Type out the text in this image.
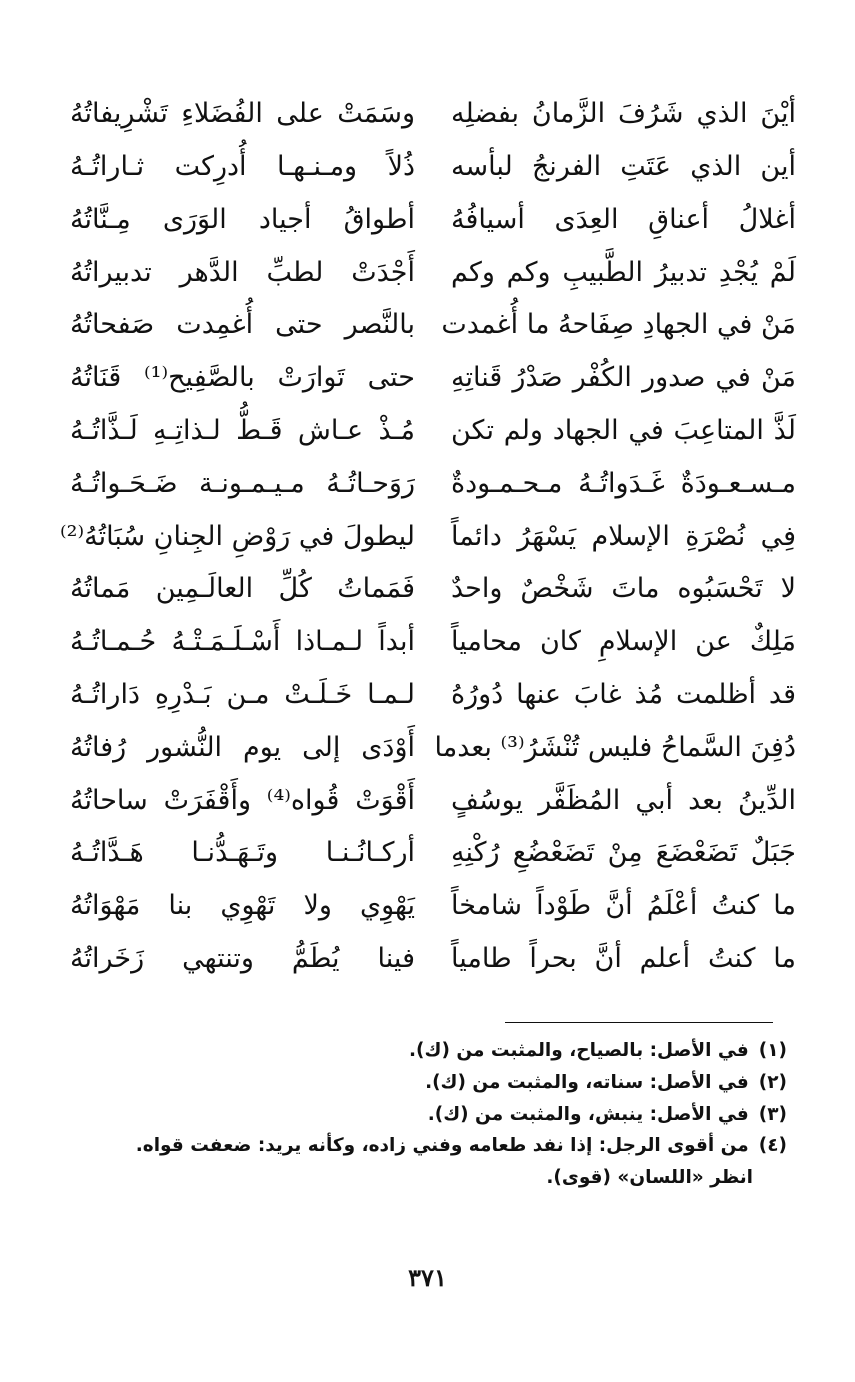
أيْنَ الذي شَرُفَ الزَّمانُ بفضلِه
وسَمَتْ على الفُضَلاءِ تَشْرِيفاتُهُ
أين الذي عَتَتِ الفرنجُ لبأسه
ذُلاً ومـنـهـا أُدرِكت ثـاراتُـهُ
أغلالُ أعناقِ العِدَى أسيافُهُ
أطواقُ أجياد الوَرَى مِـنَّاتُهُ
لَمْ يُجْدِ تدبيرُ الطَّبيبِ وكم وكم
أَجْدَتْ لطبِّ الدَّهر تدبيراتُهُ
مَنْ في الجهادِ صِفَاحهُ ما أُغمدت
بالنَّصر حتى أُغمِدت صَفحاتُهُ
مَنْ في صدور الكُفْر صَدْرُ قَناتِهِ
حتى تَوارَتْ بالصَّفِيح⁽¹⁾ قَنَاتُهُ
لَذَّ المتاعِبَ في الجهاد ولم تكن
مُـذْ عـاش قَـطُّ لـذاتِـهِ لَـذَّاتُـهُ
مـسـعـودَةٌ غَـدَواتُـهُ مـحـمـودةٌ
رَوَحـاتُـهُ مـيـمـونـة ضَـحَـواتُـهُ
فِي نُصْرَةِ الإسلام يَسْهَرُ دائماً
ليطولَ في رَوْضِ الجِنانِ سُبَاتُهُ⁽²⁾
لا تَحْسَبُوه ماتَ شَخْصٌ واحدٌ
فَمَماتُ كُلِّ العالَـمِين مَماتُهُ
مَلِكٌ عن الإسلامِ كان محامياً
أبداً لـمـاذا أَسْـلَـمَـتْـهُ حُـمـاتُـهُ
قد أظلمت مُذ غابَ عنها دُورُهُ
لـمـا خَـلَـتْ مـن بَـدْرِهِ دَاراتُـهُ
دُفِنَ السَّماحُ فليس تُنْشَرُ⁽³⁾ بعدما
أَوْدَى إلى يوم النُّشور رُفاتُهُ
الدِّينُ بعد أبي المُظَفَّر يوسُفٍ
أَقْوَتْ قُواه⁽⁴⁾ وأَقْفَرَتْ ساحاتُهُ
جَبَلٌ تَضَعْضَعَ مِنْ تَضَعْضُعِ رُكْنِهِ
أركـانُـنـا وتَـهَـدُّنـا هَـدَّاتُـهُ
ما كنتُ أعْلَمُ أنَّ طَوْداً شامخاً
يَهْوِي ولا تَهْوِي بنا مَهْوَاتُهُ
ما كنتُ أعلم أنَّ بحراً طامياً
فينا يُطَمُّ وتنتهي زَخَراتُهُ

(١)في الأصل: بالصياح، والمثبت من (ك).

(٢)في الأصل: سناته، والمثبت من (ك).

(٣)في الأصل: ينبش، والمثبت من (ك).

(٤)من أقوى الرجل: إذا نفد طعامه وفني زاده، وكأنه يريد: ضعفت قواه.
انظر «اللسان» (قوى).

٣٧١
